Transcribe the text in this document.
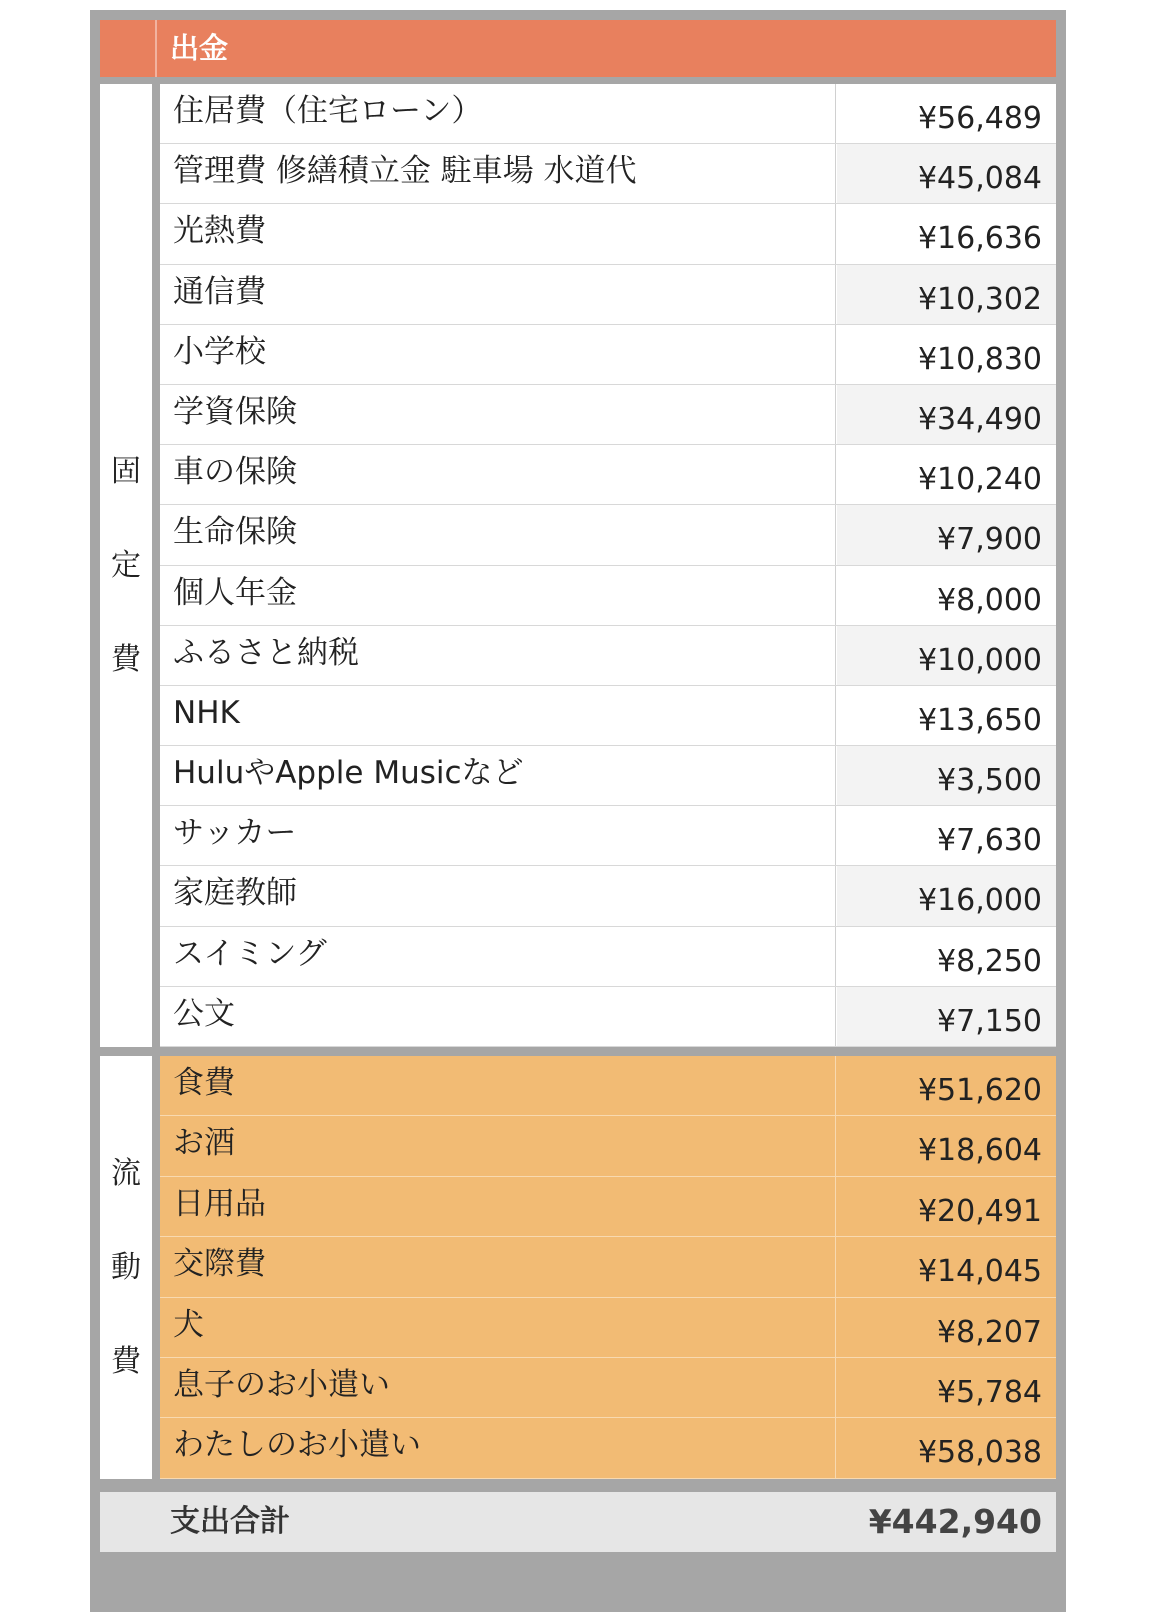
出金
固
定
費
住居費（住宅ローン）	¥56,489
管理費 修繕積立金 駐車場 水道代	¥45,084
光熱費	¥16,636
通信費	¥10,302
小学校	¥10,830
学資保険	¥34,490
車の保険	¥10,240
生命保険	¥7,900
個人年金	¥8,000
ふるさと納税	¥10,000
NHK	¥13,650
HuluやApple Musicなど	¥3,500
サッカー	¥7,630
家庭教師	¥16,000
スイミング	¥8,250
公文	¥7,150
流
動
費
食費	¥51,620
お酒	¥18,604
日用品	¥20,491
交際費	¥14,045
犬	¥8,207
息子のお小遣い	¥5,784
わたしのお小遣い	¥58,038
支出合計	¥442,940
